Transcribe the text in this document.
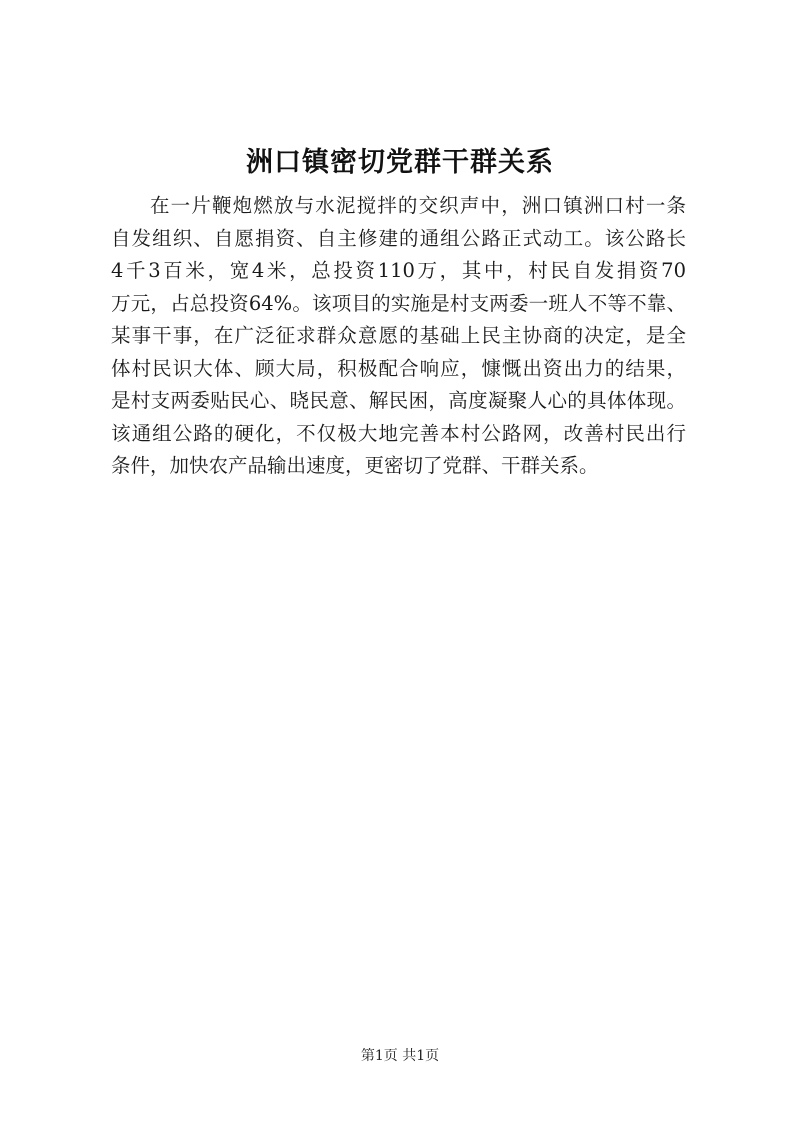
洲口镇密切党群干群关系
在一片鞭炮燃放与水泥搅拌的交织声中，洲口镇洲口村一条
自发组织、自愿捐资、自主修建的通组公路正式动工。该公路长
4千3百米，宽4米，总投资110万，其中，村民自发捐资70
万元，占总投资64%。该项目的实施是村支两委一班人不等不靠、
某事干事，在广泛征求群众意愿的基础上民主协商的决定，是全
体村民识大体、顾大局，积极配合响应，慷慨出资出力的结果，
是村支两委贴民心、晓民意、解民困，高度凝聚人心的具体体现。
该通组公路的硬化，不仅极大地完善本村公路网，改善村民出行
条件，加快农产品输出速度，更密切了党群、干群关系。
第1页 共1页
